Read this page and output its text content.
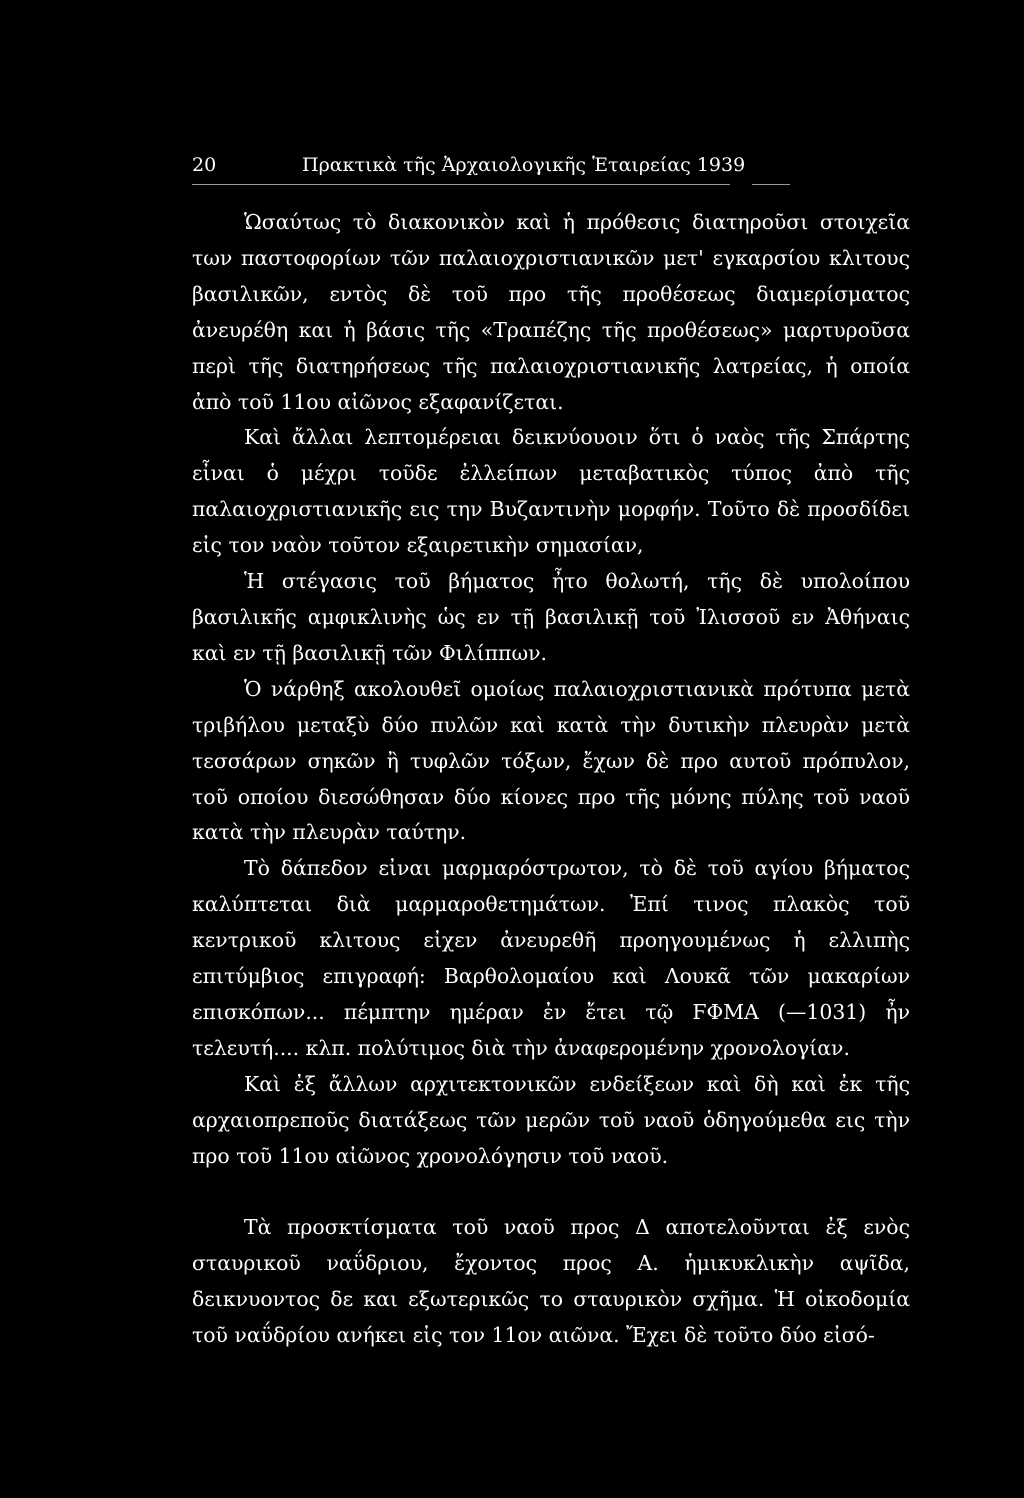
20	Πρακτικὰ τῆς Ἀρχαιολογικῆς Ἑταιρείας 1939

Ὡσαύτως τὸ διακονικὸν καὶ ἡ πρόθεσις διατηροῦσι στοιχεῖα των παστοφορίων τῶν παλαιοχριστιανικῶν μετ' εγκαρσίου κλιτους βασιλικῶν, εντὸς δὲ τοῦ προ τῆς προθέσεως διαμερίσματος ἀνευρέθη και ἡ βάσις τῆς «Τραπέζης τῆς προθέσεως» μαρτυροῦσα περὶ τῆς διατηρήσεως τῆς παλαιοχριστιανικῆς λατρείας, ἡ οποία ἀπὸ τοῦ 11ου αἰῶνος εξαφανίζεται.

Καὶ ἄλλαι λεπτομέρειαι δεικνύουοιν ὅτι ὁ ναὸς τῆς Σπάρτης εἶναι ὁ μέχρι τοῦδε ἐλλείπων μεταβατικὸς τύπος ἀπὸ τῆς παλαιοχριστιανικῆς εις την Βυζαντινὴν μορφήν. Τοῦτο δὲ προσδίδει εἰς τον ναὸν τοῦτον εξαιρετικὴν σημασίαν,

Ἡ στέγασις τοῦ βήματος ἦτο θολωτή, τῆς δὲ υπολοίπου βασιλικῆς αμφικλινὴς ὡς εν τῇ βασιλικῇ τοῦ Ἰλισσοῦ εν Ἀθήναις καὶ εν τῇ βασιλικῇ τῶν Φιλίππων.

Ὁ νάρθηξ ακολουθεῖ ομοίως παλαιοχριστιανικὰ πρότυπα μετὰ τριβήλου μεταξὺ δύο πυλῶν καὶ κατὰ τὴν δυτικὴν πλευρὰν μετὰ τεσσάρων σηκῶν ἢ τυφλῶν τόξων, ἔχων δὲ προ αυτοῦ πρόπυλον, τοῦ οποίου διεσώθησαν δύο κίονες προ τῆς μόνης πύλης τοῦ ναοῦ κατὰ τὴν πλευρὰν ταύτην.

Τὸ δάπεδον εἰναι μαρμαρόστρωτον, τὸ δὲ τοῦ αγίου βήματος καλύπτεται διὰ μαρμαροθετημάτων. Ἐπί τινος πλακὸς τοῦ κεντρικοῦ κλιτους εἰχεν ἀνευρεθῆ προηγουμένως ἡ ελλιπὴς επιτύμβιος επιγραφή: Βαρθολομαίου καὶ Λουκᾶ τῶν μακαρίων επισκόπων... πέμπτην ημέραν ἐν ἔτει τῷ ϜΦΜΑ (—1031) ἦν τελευτή.... κλπ. πολύτιμος διὰ τὴν ἀναφερομένην χρονολογίαν.

Καὶ ἐξ ἄλλων αρχιτεκτονικῶν ενδείξεων καὶ δὴ καὶ ἐκ τῆς αρχαιοπρεποῦς διατάξεως τῶν μερῶν τοῦ ναοῦ ὁδηγούμεθα εις τὴν προ τοῦ 11ου αἰῶνος χρονολόγησιν τοῦ ναοῦ.

Τὰ προσκτίσματα τοῦ ναοῦ προς Δ αποτελοῦνται ἐξ ενὸς σταυρικοῦ ναΰδριου, ἔχοντος προς Α. ἡμικυκλικὴν αψῖδα, δεικνυοντος δε και εξωτερικῶς το σταυρικὸν σχῆμα. Ἡ οἰκοδομία τοῦ ναΰδρίου ανήκει εἰς τον 11ον αιῶνα. Ἔχει δὲ τοῦτο δύο εἰσό-
